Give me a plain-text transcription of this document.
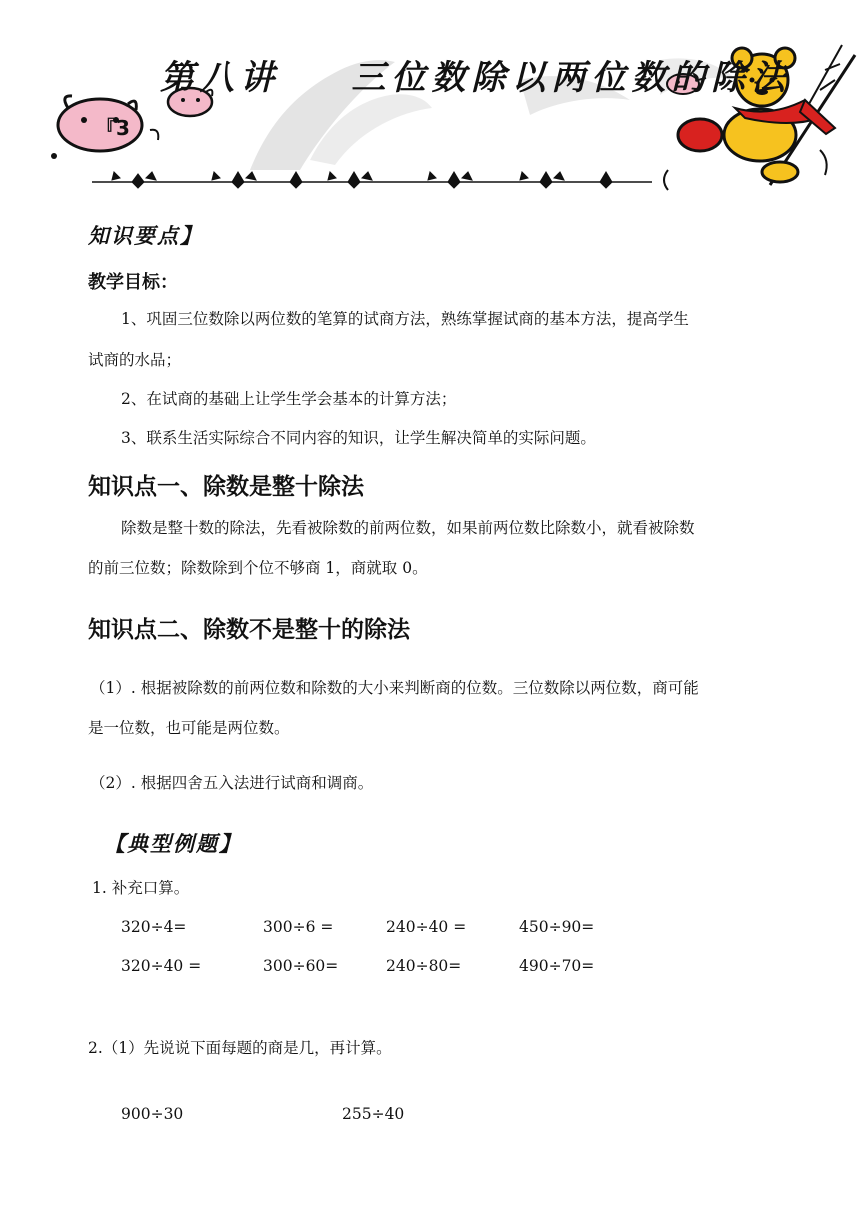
第八讲    三位数除以两位数的除法
『3
知识要点】
教学目标：
1、巩固三位数除以两位数的笔算的试商方法，熟练掌握试商的基本方法，提高学生
试商的水品；
2、在试商的基础上让学生学会基本的计算方法；
3、联系生活实际综合不同内容的知识，让学生解决简单的实际问题。
知识点一、除数是整十除法
除数是整十数的除法，先看被除数的前两位数，如果前两位数比除数小，就看被除数
的前三位数；除数除到个位不够商 1，商就取 0。
知识点二、除数不是整十的除法
（1）. 根据被除数的前两位数和除数的大小来判断商的位数。三位数除以两位数，商可能
是一位数，也可能是两位数。
（2）. 根据四舍五入法进行试商和调商。
【典型例题】
1. 补充口算。
320÷4=	300÷6 =	240÷40 =	450÷90=
320÷40 =	300÷60=	240÷80=	490÷70=
2.（1）先说说下面每题的商是几，再计算。
900÷30	255÷40
